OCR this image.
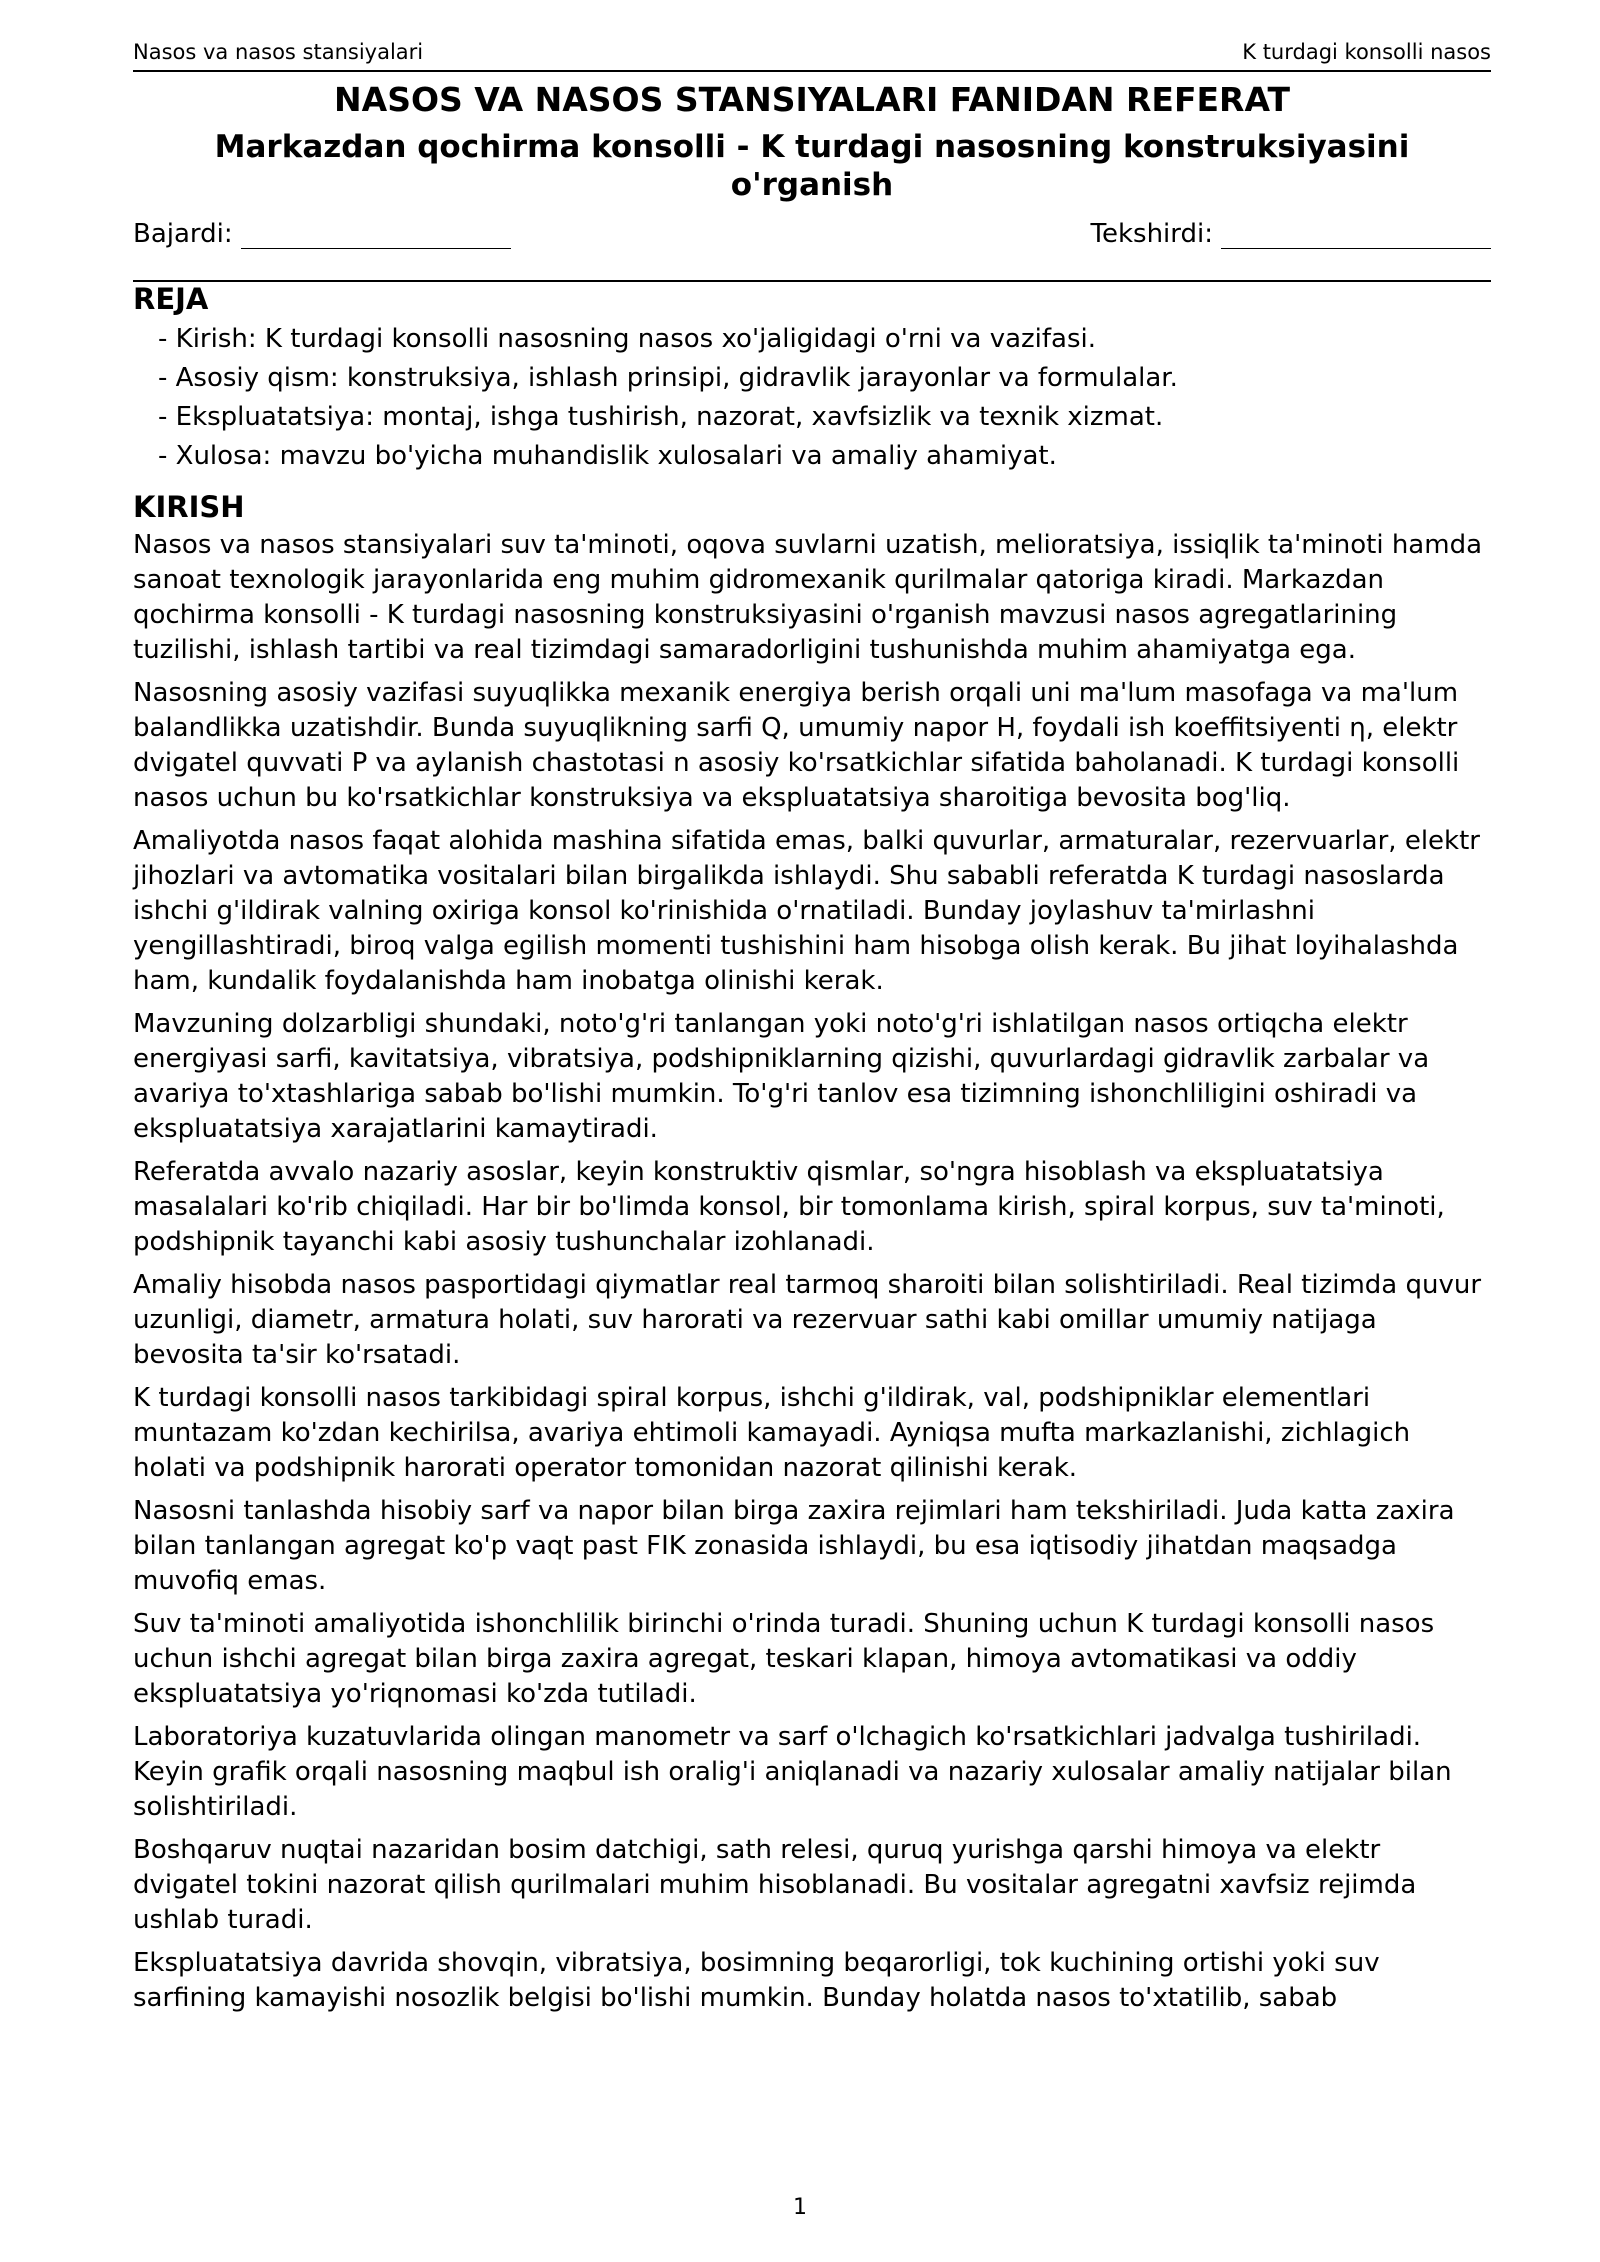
Nasos va nasos stansiyalari	K turdagi konsolli nasos
NASOS VA NASOS STANSIYALARI FANIDAN REFERAT
Markazdan qochirma konsolli - K turdagi nasosning konstruksiyasini o'rganish
Bajardi:	Tekshirdi:
REJA
- Kirish: K turdagi konsolli nasosning nasos xo'jaligidagi o'rni va vazifasi.
- Asosiy qism: konstruksiya, ishlash prinsipi, gidravlik jarayonlar va formulalar.
- Ekspluatatsiya: montaj, ishga tushirish, nazorat, xavfsizlik va texnik xizmat.
- Xulosa: mavzu bo'yicha muhandislik xulosalari va amaliy ahamiyat.
KIRISH

Nasos va nasos stansiyalari suv ta'minoti, oqova suvlarni uzatish, melioratsiya, issiqlik ta'minoti hamda sanoat texnologik jarayonlarida eng muhim gidromexanik qurilmalar qatoriga kiradi. Markazdan qochirma konsolli - K turdagi nasosning konstruksiyasini o'rganish mavzusi nasos agregatlarining tuzilishi, ishlash tartibi va real tizimdagi samaradorligini tushunishda muhim ahamiyatga ega.

Nasosning asosiy vazifasi suyuqlikka mexanik energiya berish orqali uni ma'lum masofaga va ma'lum balandlikka uzatishdir. Bunda suyuqlikning sarfi Q, umumiy napor H, foydali ish koeffitsiyenti η, elektr dvigatel quvvati P va aylanish chastotasi n asosiy ko'rsatkichlar sifatida baholanadi. K turdagi konsolli nasos uchun bu ko'rsatkichlar konstruksiya va ekspluatatsiya sharoitiga bevosita bog'liq.

Amaliyotda nasos faqat alohida mashina sifatida emas, balki quvurlar, armaturalar, rezervuarlar, elektr jihozlari va avtomatika vositalari bilan birgalikda ishlaydi. Shu sababli referatda K turdagi nasoslarda ishchi g'ildirak valning oxiriga konsol ko'rinishida o'rnatiladi. Bunday joylashuv ta'mirlashni yengillashtiradi, biroq valga egilish momenti tushishini ham hisobga olish kerak. Bu jihat loyihalashda ham, kundalik foydalanishda ham inobatga olinishi kerak.

Mavzuning dolzarbligi shundaki, noto'g'ri tanlangan yoki noto'g'ri ishlatilgan nasos ortiqcha elektr energiyasi sarfi, kavitatsiya, vibratsiya, podshipniklarning qizishi, quvurlardagi gidravlik zarbalar va avariya to'xtashlariga sabab bo'lishi mumkin. To'g'ri tanlov esa tizimning ishonchliligini oshiradi va ekspluatatsiya xarajatlarini kamaytiradi.

Referatda avvalo nazariy asoslar, keyin konstruktiv qismlar, so'ngra hisoblash va ekspluatatsiya masalalari ko'rib chiqiladi. Har bir bo'limda konsol, bir tomonlama kirish, spiral korpus, suv ta'minoti, podshipnik tayanchi kabi asosiy tushunchalar izohlanadi.

Amaliy hisobda nasos pasportidagi qiymatlar real tarmoq sharoiti bilan solishtiriladi. Real tizimda quvur uzunligi, diametr, armatura holati, suv harorati va rezervuar sathi kabi omillar umumiy natijaga bevosita ta'sir ko'rsatadi.

K turdagi konsolli nasos tarkibidagi spiral korpus, ishchi g'ildirak, val, podshipniklar elementlari muntazam ko'zdan kechirilsa, avariya ehtimoli kamayadi. Ayniqsa mufta markazlanishi, zichlagich holati va podshipnik harorati operator tomonidan nazorat qilinishi kerak.

Nasosni tanlashda hisobiy sarf va napor bilan birga zaxira rejimlari ham tekshiriladi. Juda katta zaxira bilan tanlangan agregat ko'p vaqt past FIK zonasida ishlaydi, bu esa iqtisodiy jihatdan maqsadga muvofiq emas.

Suv ta'minoti amaliyotida ishonchlilik birinchi o'rinda turadi. Shuning uchun K turdagi konsolli nasos uchun ishchi agregat bilan birga zaxira agregat, teskari klapan, himoya avtomatikasi va oddiy ekspluatatsiya yo'riqnomasi ko'zda tutiladi.

Laboratoriya kuzatuvlarida olingan manometr va sarf o'lchagich ko'rsatkichlari jadvalga tushiriladi. Keyin grafik orqali nasosning maqbul ish oralig'i aniqlanadi va nazariy xulosalar amaliy natijalar bilan solishtiriladi.

Boshqaruv nuqtai nazaridan bosim datchigi, sath relesi, quruq yurishga qarshi himoya va elektr dvigatel tokini nazorat qilish qurilmalari muhim hisoblanadi. Bu vositalar agregatni xavfsiz rejimda ushlab turadi.

Ekspluatatsiya davrida shovqin, vibratsiya, bosimning beqarorligi, tok kuchining ortishi yoki suv sarfining kamayishi nosozlik belgisi bo'lishi mumkin. Bunday holatda nasos to'xtatilib, sabab

1
